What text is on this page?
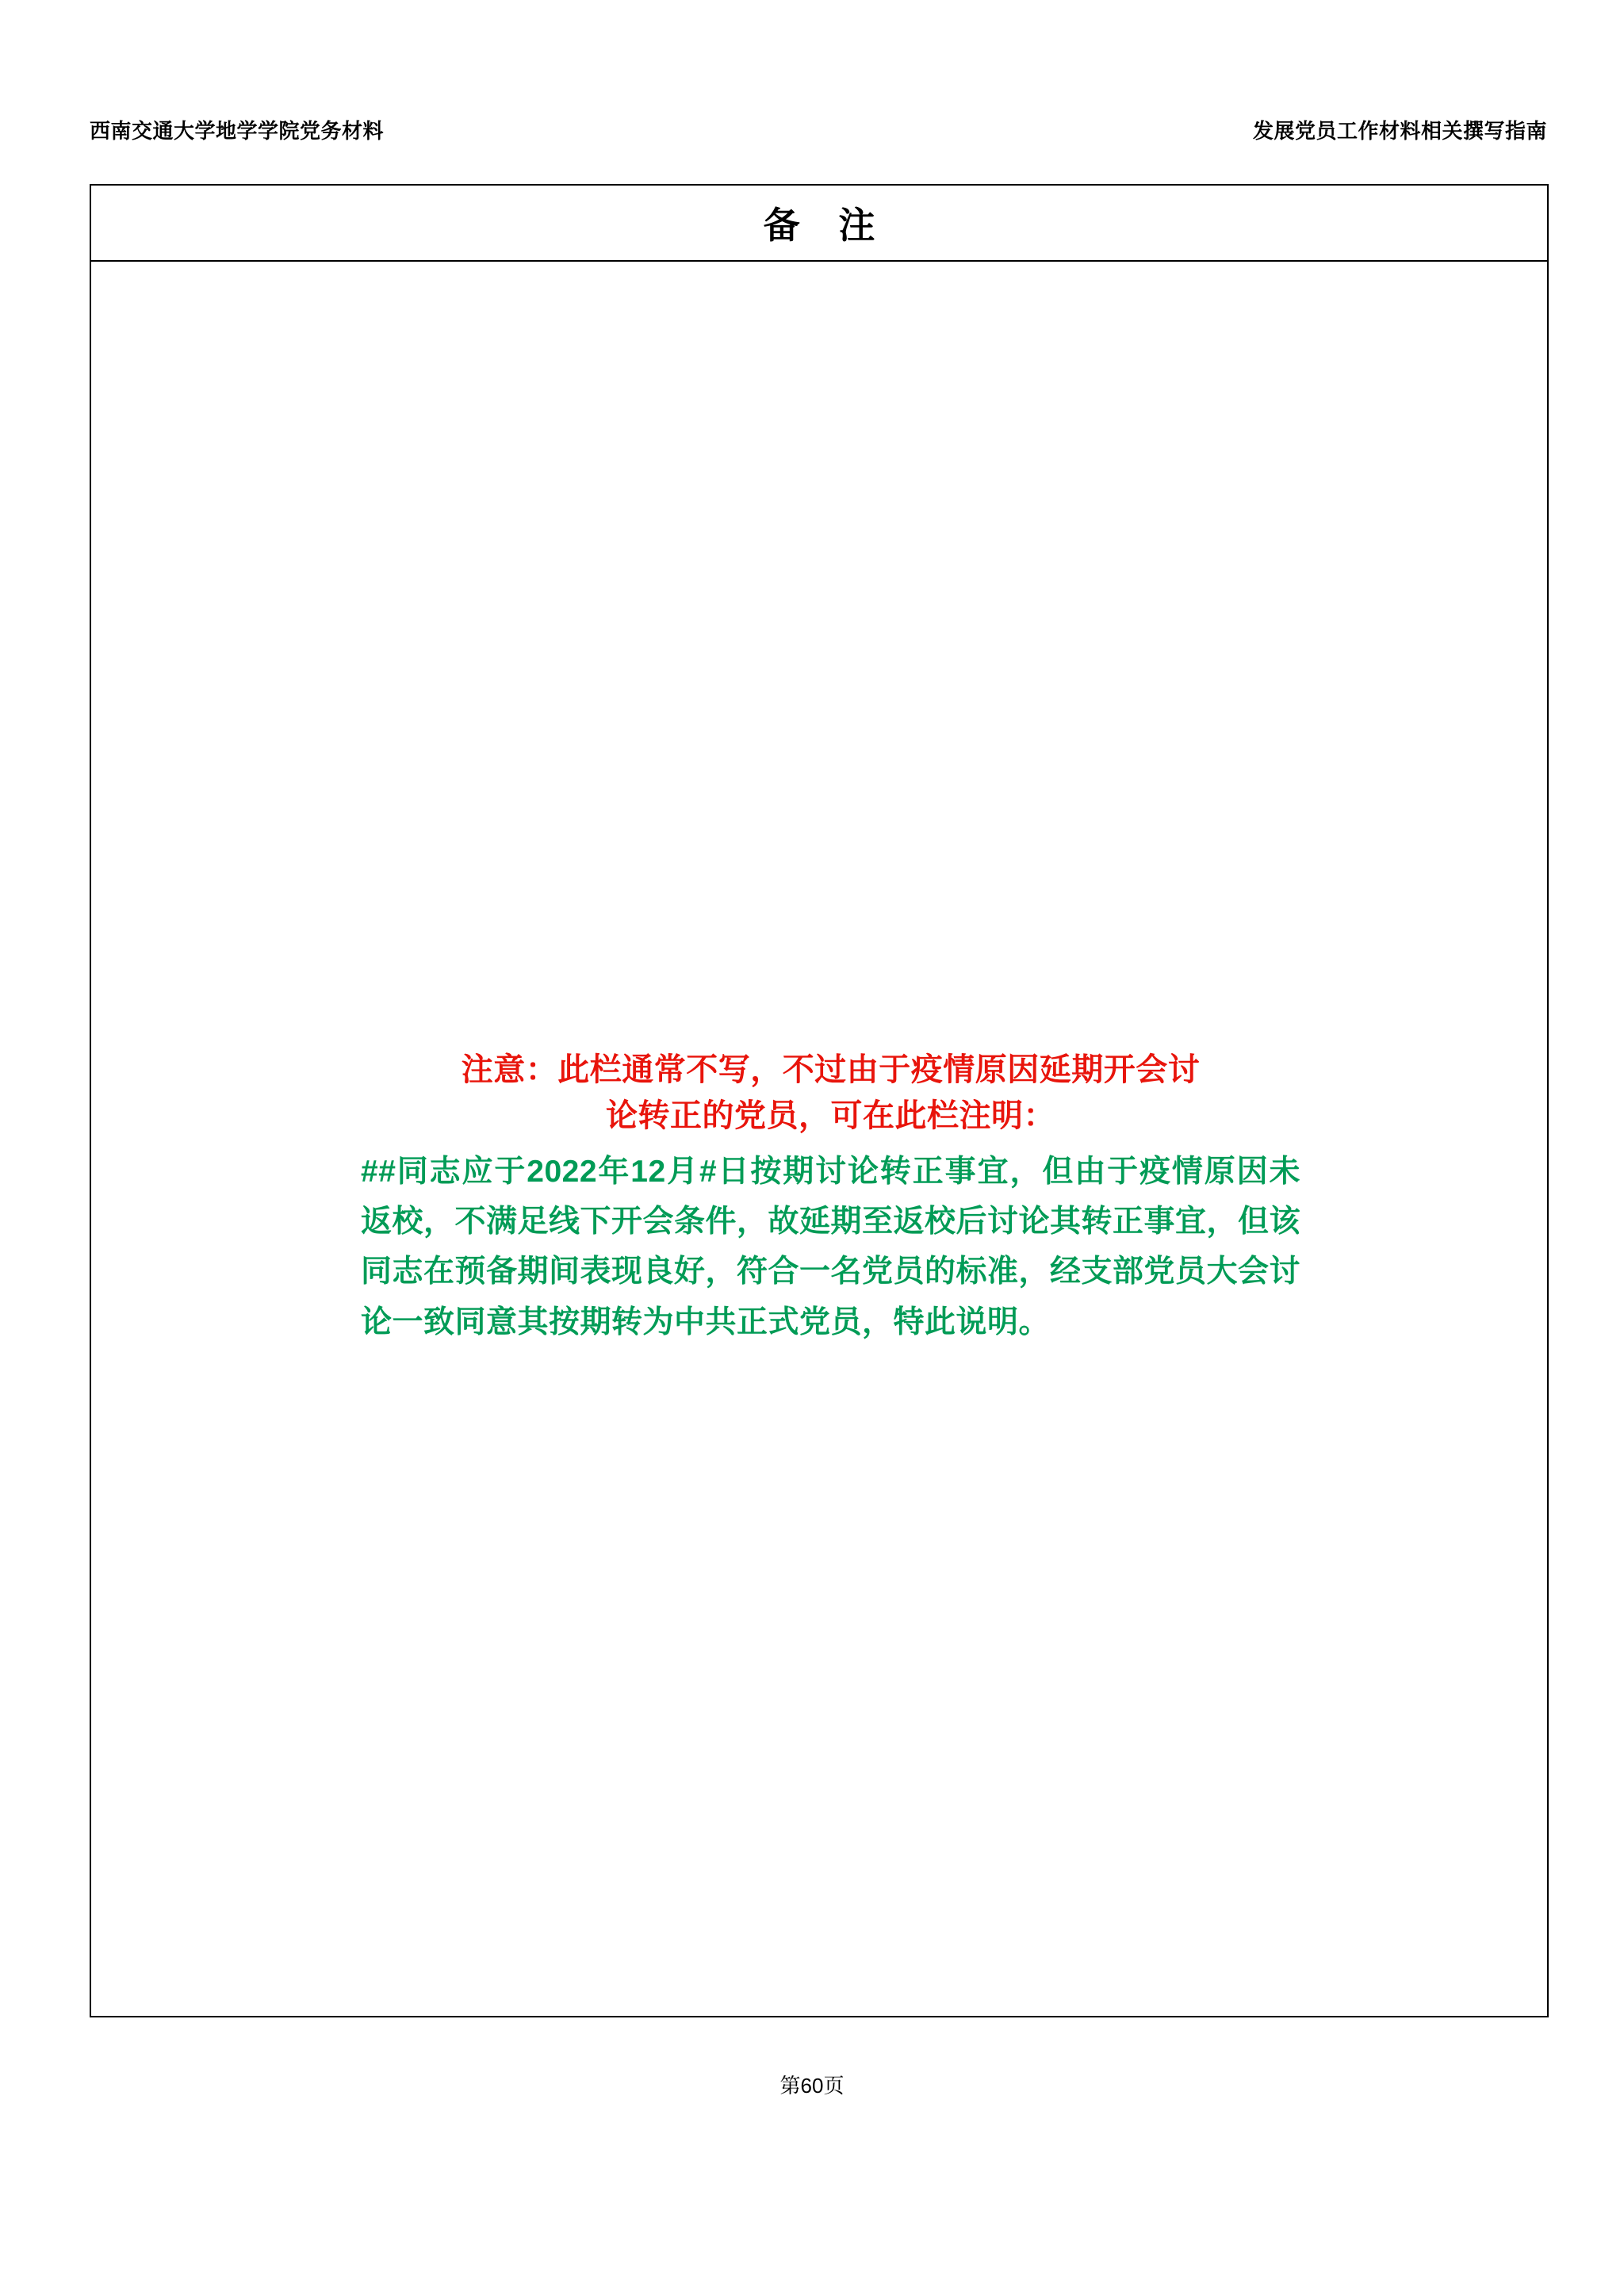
西南交通大学地学学院党务材料	发展党员工作材料相关撰写指南
备 注
注意：此栏通常不写，不过由于疫情原因延期开会讨
论转正的党员，可在此栏注明：
##同志应于2022年12月#日按期讨论转正事宜，但由于疫情原因未返校，不满足线下开会条件，故延期至返校后讨论其转正事宜，但该同志在预备期间表现良好，符合一名党员的标准，经支部党员大会讨论一致同意其按期转为中共正式党员，特此说明。
第60页
